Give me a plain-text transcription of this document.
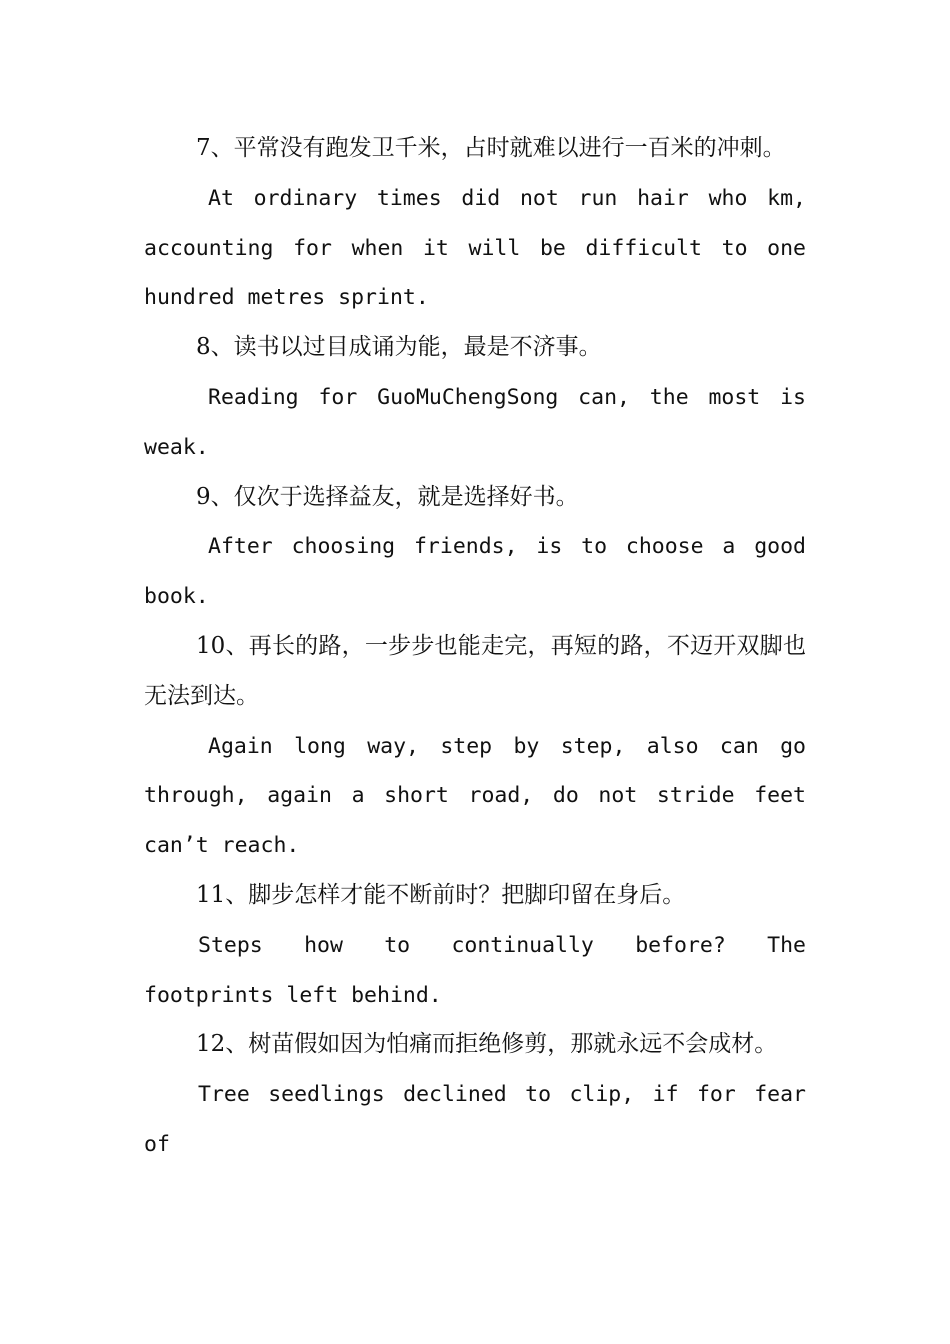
7、平常没有跑发卫千米，占时就难以进行一百米的冲刺。

At ordinary times did not run hair who km, accounting for when it will be difficult to one hundred metres sprint.

8、读书以过目成诵为能，最是不济事。

Reading for GuoMuChengSong can, the most is weak.

9、仅次于选择益友，就是选择好书。

After choosing friends, is to choose a good book.

10、再长的路，一步步也能走完，再短的路，不迈开双脚也无法到达。

Again long way, step by step, also can go through, again a short road, do not stride feet can’t reach.

11、脚步怎样才能不断前时？把脚印留在身后。

Steps how to continually before? The footprints left behind.

12、树苗假如因为怕痛而拒绝修剪，那就永远不会成材。

Tree seedlings declined to clip, if for fear of
